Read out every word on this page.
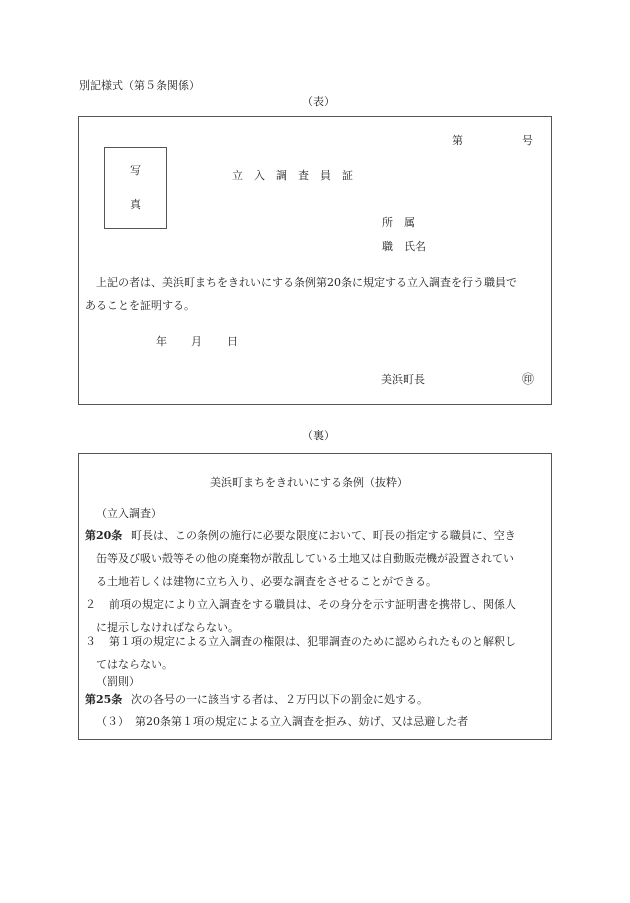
別記様式（第５条関係）
（表）
第	号
写
真
立入調査員証
所　属
職　氏名
上記の者は、美浜町まちをきれいにする条例第20条に規定する立入調査を行う職員で
あることを証明する。
年 月 日
美浜町長	㊞
（裏）
美浜町まちをきれいにする条例（抜粋）
（立入調査）
第20条 町長は、この条例の施行に必要な限度において、町長の指定する職員に、空き
缶等及び吸い殻等その他の廃棄物が散乱している土地又は自動販売機が設置されてい
る土地若しくは建物に立ち入り、必要な調査をさせることができる。
２ 前項の規定により立入調査をする職員は、その身分を示す証明書を携帯し、関係人
に提示しなければならない。
３ 第１項の規定による立入調査の権限は、犯罪調査のために認められたものと解釈し
てはならない。
（罰則）
第25条 次の各号の一に該当する者は、２万円以下の罰金に処する。
（３） 第20条第１項の規定による立入調査を拒み、妨げ、又は忌避した者
